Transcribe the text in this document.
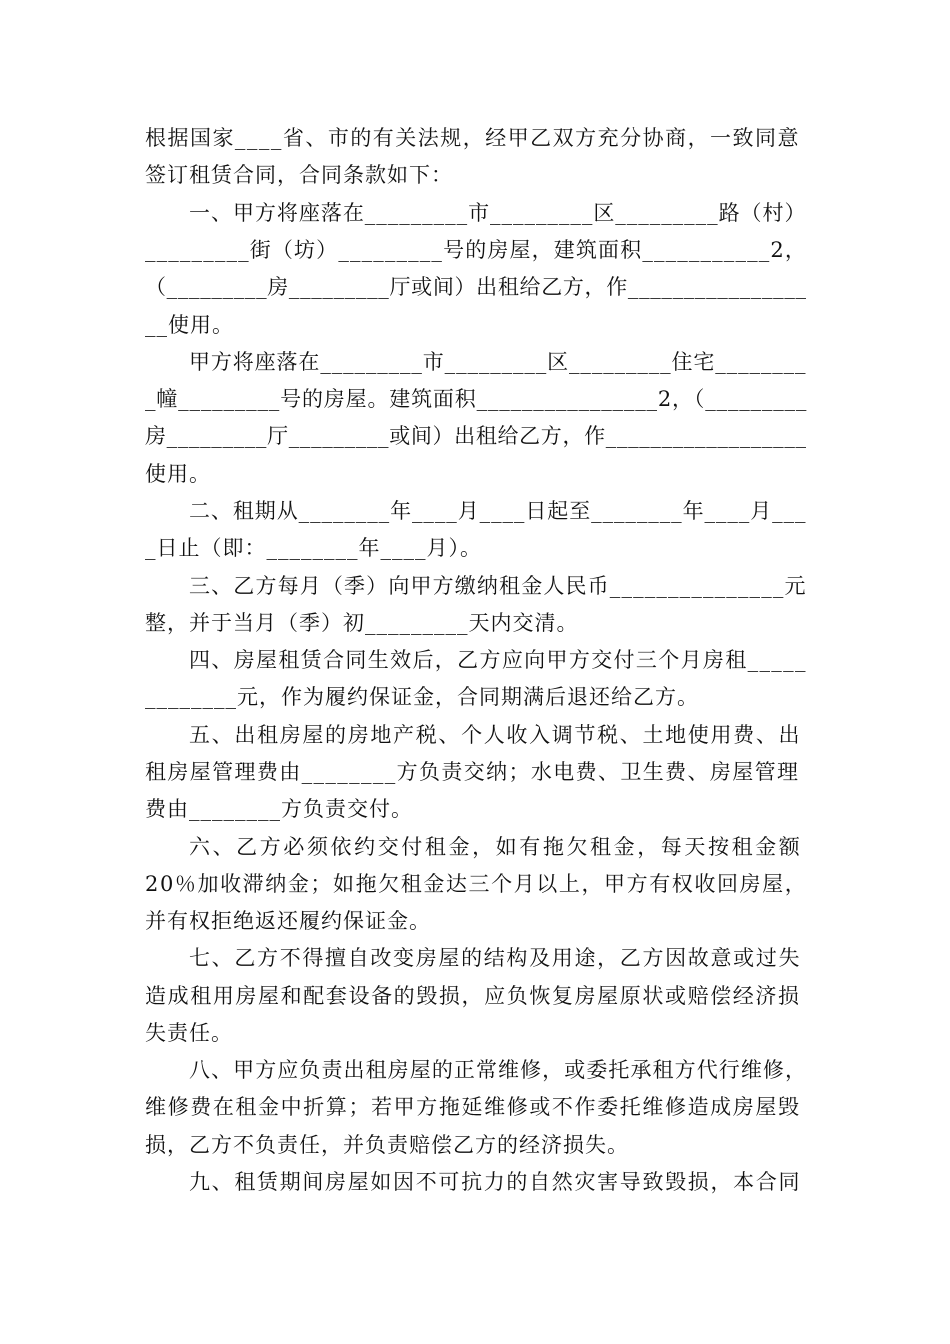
根据国家____省、市的有关法规，经甲乙双方充分协商，一致同意
签订租赁合同，合同条款如下：
一、甲方将座落在_________市_________区_________路（村）
_________街（坊）_________号的房屋，建筑面积___________2，
（_________房_________厅或间）出租给乙方，作________________
__使用。
甲方将座落在_________市_________区_________住宅________
_幢_________号的房屋。建筑面积________________2，（_________
房_________厅_________或间）出租给乙方，作__________________
使用。
二、租期从________年____月____日起至________年____月___
_日止（即：________年____月）。
三、乙方每月（季）向甲方缴纳租金人民币_______________元
整，并于当月（季）初_________天内交清。
四、房屋租赁合同生效后，乙方应向甲方交付三个月房租_____
________元，作为履约保证金，合同期满后退还给乙方。
五、出租房屋的房地产税、个人收入调节税、土地使用费、出
租房屋管理费由________方负责交纳；水电费、卫生费、房屋管理
费由________方负责交付。
六、乙方必须依约交付租金，如有拖欠租金，每天按租金额
20％加收滞纳金；如拖欠租金达三个月以上，甲方有权收回房屋，
并有权拒绝返还履约保证金。
七、乙方不得擅自改变房屋的结构及用途，乙方因故意或过失
造成租用房屋和配套设备的毁损，应负恢复房屋原状或赔偿经济损
失责任。
八、甲方应负责出租房屋的正常维修，或委托承租方代行维修，
维修费在租金中折算；若甲方拖延维修或不作委托维修造成房屋毁
损，乙方不负责任，并负责赔偿乙方的经济损失。
九、租赁期间房屋如因不可抗力的自然灾害导致毁损，本合同
